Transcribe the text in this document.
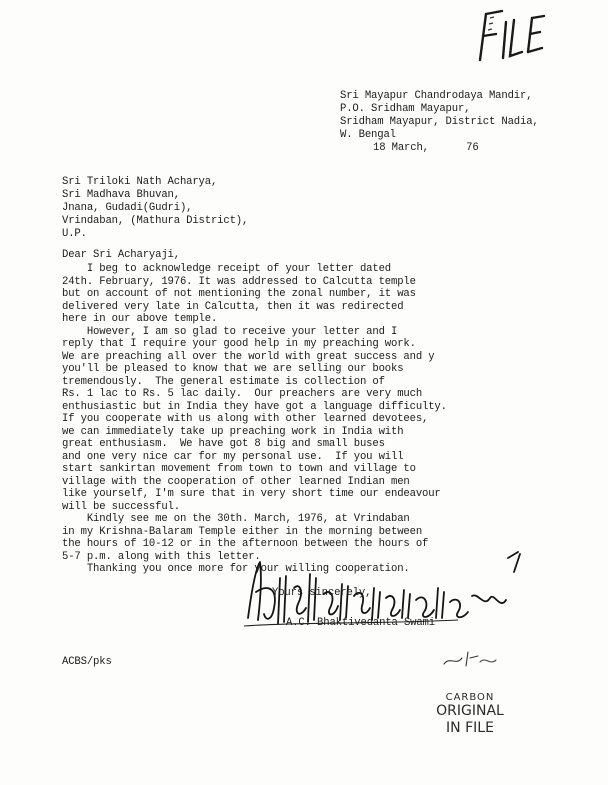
Sri Mayapur Chandrodaya Mandir,
P.O. Sridham Mayapur,
Sridham Mayapur, District Nadia,
W. Bengal
18 March,      76
Sri Triloki Nath Acharya,
Sri Madhava Bhuvan,
Jnana, Gudadi(Gudri),
Vrindaban, (Mathura District),
U.P.
Dear Sri Acharyaji,
I beg to acknowledge receipt of your letter dated
24th. February, 1976. It was addressed to Calcutta temple
but on account of not mentioning the zonal number, it was
delivered very late in Calcutta, then it was redirected
here in our above temple.
However, I am so glad to receive your letter and I
reply that I require your good help in my preaching work.
We are preaching all over the world with great success and y
you'll be pleased to know that we are selling our books
tremendously.  The general estimate is collection of
Rs. 1 lac to Rs. 5 lac daily.  Our preachers are very much
enthusiastic but in India they have got a language difficulty.
If you cooperate with us along with other learned devotees,
we can immediately take up preaching work in India with
great enthusiasm.  We have got 8 big and small buses
and one very nice car for my personal use.  If you will
start sankirtan movement from town to town and village to
village with the cooperation of other learned Indian men
like yourself, I'm sure that in very short time our endeavour
will be successful.
Kindly see me on the 30th. March, 1976, at Vrindaban
in my Krishna-Balaram Temple either in the morning between
the hours of 10-12 or in the afternoon between the hours of
5-7 p.m. along with this letter.
Thanking you once more for your willing cooperation.
Yours sincerely,
A.C. Bhaktivedanta Swami
ACBS/pks
CARBON
ORIGINAL
IN FILE
